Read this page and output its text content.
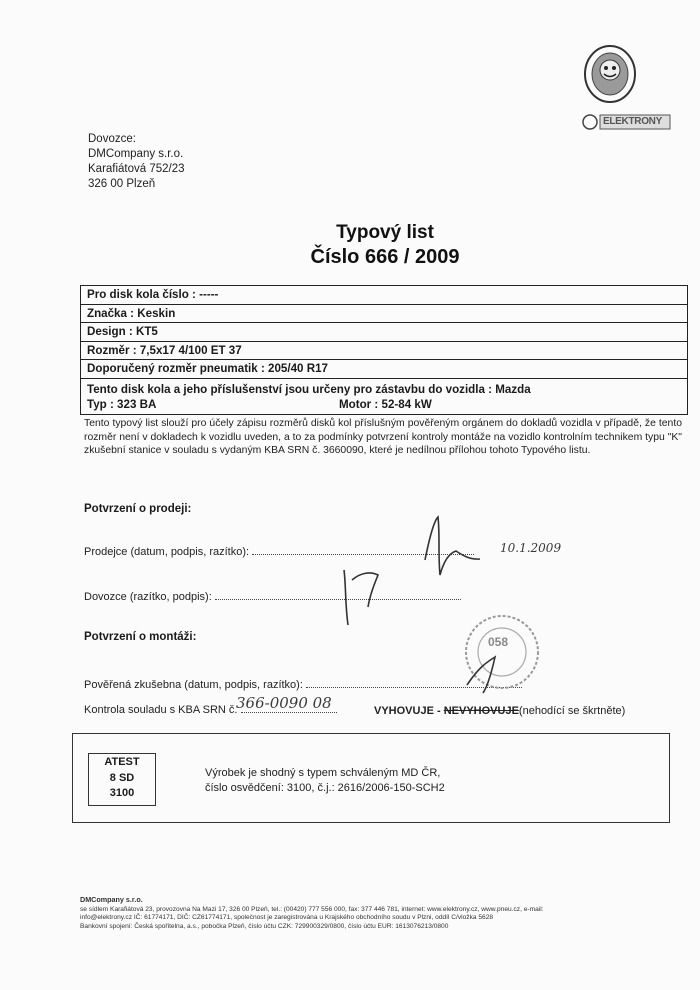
ELEKTRONY
Dovozce:
DMCompany s.r.o.
Karafiátová 752/23
326 00 Plzeň
Typový list
Číslo 666 / 2009
Pro disk kola číslo : -----
Značka : Keskin
Design : KT5
Rozměr : 7,5x17 4/100 ET 37
Doporučený rozměr pneumatik : 205/40 R17
Tento disk kola a jeho příslušenství jsou určeny pro zástavbu do vozidla : Mazda
Typ : 323 BA	Motor : 52-84 kW
Tento typový list slouží pro účely zápisu rozměrů disků kol příslušným pověřeným orgánem do dokladů vozidla v případě, že tento rozměr není v dokladech k vozidlu uveden, a to za podmínky potvrzení kontroly montáže na vozidlo kontrolním technikem typu "K" zkušební stanice v souladu s vydaným KBA SRN č. 3660090, které je nedílnou přílohou tohoto Typového listu.
Potvrzení o prodeji:
Prodejce (datum, podpis, razítko):	10.1.2009
Dovozce (razítko, podpis):
Potvrzení o montáži:
Pověřená zkušebna (datum, podpis, razítko):
058
Kontrola souladu s KBA SRN č.
366-0090 08	VYHOVUJE - NEVYHOVUJE(nehodící se škrtněte)
ATEST
8 SD
3100
Výrobek je shodný s typem schváleným MD ČR,
číslo osvědčení: 3100, č.j.: 2616/2006-150-SCH2
DMCompany s.r.o.
se sídlem Karafiátová 23, provozovna Na Mazi 17, 326 00 Plzeň, tel.: (00420) 777 556 000, fax: 377 446 781, internet: www.elektrony.cz, www.pneu.cz, e-mail:
info@elektrony.cz IČ: 61774171, DIČ: CZ61774171, společnost je zaregistrována u Krajského obchodního soudu v Plzni, oddíl C/vložka 5628
Bankovní spojení: Česká spořitelna, a.s., pobočka Plzeň, číslo účtu CZK: 729900329/0800, číslo účtu EUR: 1613076213/0800
